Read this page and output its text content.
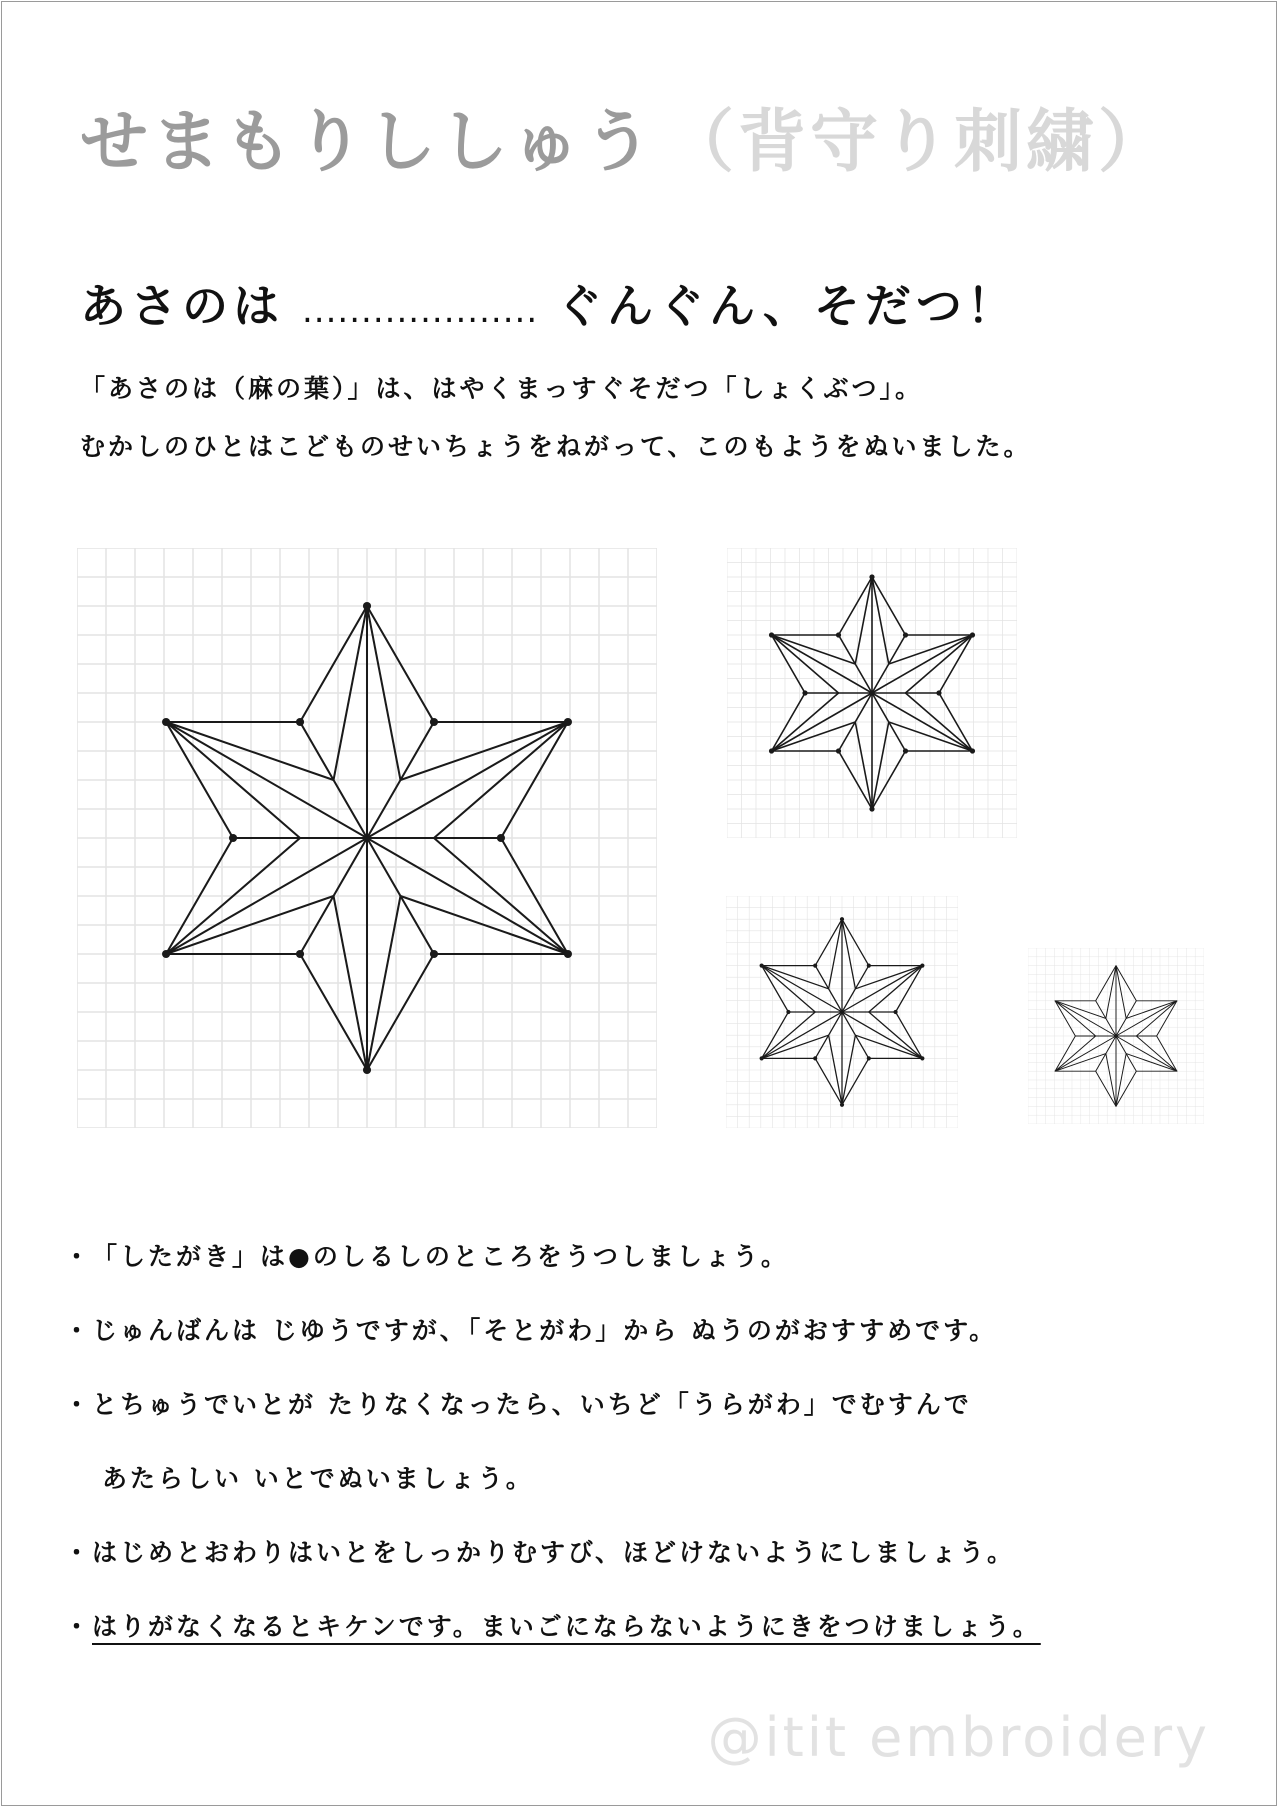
せまもりししゅう （背守り刺繍）
あさのは .................... ぐんぐん、そだつ！
「あさのは（麻の葉）」は、はやくまっすぐそだつ「しょくぶつ」。
むかしのひとはこどものせいちょうをねがって、このもようをぬいました。
・「したがき」は●のしるしのところをうつしましょう。
・じゅんばんは じゆうですが、「そとがわ」から ぬうのがおすすめです。
・とちゅうでいとが たりなくなったら、いちど「うらがわ」でむすんで
あたらしい いとでぬいましょう。
・はじめとおわりはいとをしっかりむすび、ほどけないようにしましょう。
・はりがなくなるとキケンです。まいごにならないようにきをつけましょう。
@itit embroidery
